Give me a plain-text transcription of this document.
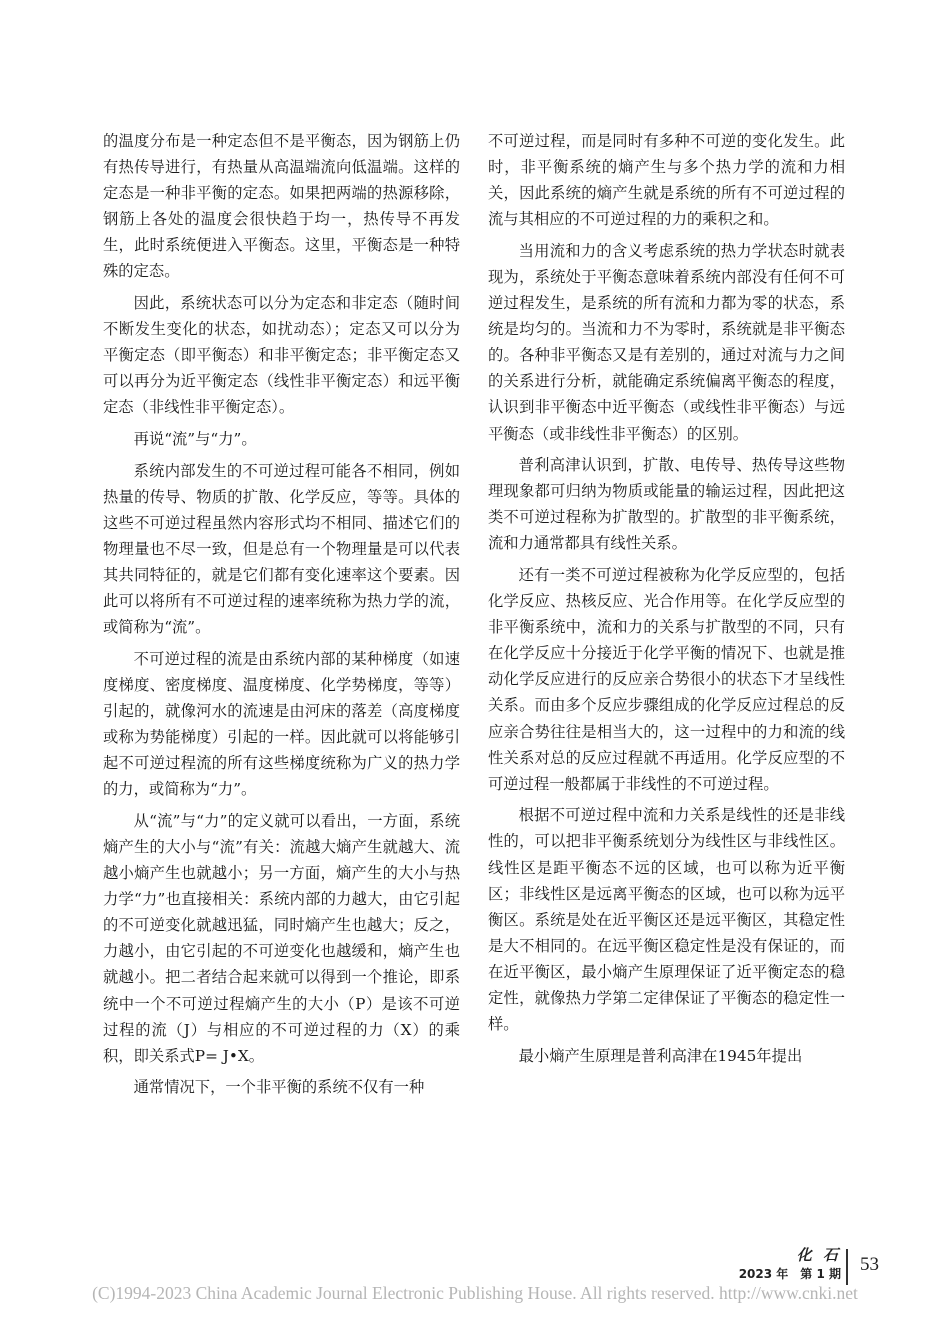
的温度分布是一种定态但不是平衡态，因为钢筋上仍有热传导进行，有热量从高温端流向低温端。这样的定态是一种非平衡的定态。如果把两端的热源移除，钢筋上各处的温度会很快趋于均一，热传导不再发生，此时系统便进入平衡态。这里，平衡态是一种特殊的定态。

因此，系统状态可以分为定态和非定态（随时间不断发生变化的状态，如扰动态）；定态又可以分为平衡定态（即平衡态）和非平衡定态；非平衡定态又可以再分为近平衡定态（线性非平衡定态）和远平衡定态（非线性非平衡定态）。

再说“流”与“力”。

系统内部发生的不可逆过程可能各不相同，例如热量的传导、物质的扩散、化学反应，等等。具体的这些不可逆过程虽然内容形式均不相同、描述它们的物理量也不尽一致，但是总有一个物理量是可以代表其共同特征的，就是它们都有变化速率这个要素。因此可以将所有不可逆过程的速率统称为热力学的流，或简称为“流”。

不可逆过程的流是由系统内部的某种梯度（如速度梯度、密度梯度、温度梯度、化学势梯度，等等）引起的，就像河水的流速是由河床的落差（高度梯度或称为势能梯度）引起的一样。因此就可以将能够引起不可逆过程流的所有这些梯度统称为广义的热力学的力，或简称为“力”。

从“流”与“力”的定义就可以看出，一方面，系统熵产生的大小与“流”有关：流越大熵产生就越大、流越小熵产生也就越小；另一方面，熵产生的大小与热力学“力”也直接相关：系统内部的力越大，由它引起的不可逆变化就越迅猛，同时熵产生也越大；反之，力越小，由它引起的不可逆变化也越缓和，熵产生也就越小。把二者结合起来就可以得到一个推论，即系统中一个不可逆过程熵产生的大小（P）是该不可逆过程的流（J）与相应的不可逆过程的力（X）的乘积，即关系式P= J•X。

通常情况下，一个非平衡的系统不仅有一种

不可逆过程，而是同时有多种不可逆的变化发生。此时，非平衡系统的熵产生与多个热力学的流和力相关，因此系统的熵产生就是系统的所有不可逆过程的流与其相应的不可逆过程的力的乘积之和。

当用流和力的含义考虑系统的热力学状态时就表现为，系统处于平衡态意味着系统内部没有任何不可逆过程发生，是系统的所有流和力都为零的状态，系统是均匀的。当流和力不为零时，系统就是非平衡态的。各种非平衡态又是有差别的，通过对流与力之间的关系进行分析，就能确定系统偏离平衡态的程度，认识到非平衡态中近平衡态（或线性非平衡态）与远平衡态（或非线性非平衡态）的区别。

普利高津认识到，扩散、电传导、热传导这些物理现象都可归纳为物质或能量的输运过程，因此把这类不可逆过程称为扩散型的。扩散型的非平衡系统，流和力通常都具有线性关系。

还有一类不可逆过程被称为化学反应型的，包括化学反应、热核反应、光合作用等。在化学反应型的非平衡系统中，流和力的关系与扩散型的不同，只有在化学反应十分接近于化学平衡的情况下、也就是推动化学反应进行的反应亲合势很小的状态下才呈线性关系。而由多个反应步骤组成的化学反应过程总的反应亲合势往往是相当大的，这一过程中的力和流的线性关系对总的反应过程就不再适用。化学反应型的不可逆过程一般都属于非线性的不可逆过程。

根据不可逆过程中流和力关系是线性的还是非线性的，可以把非平衡系统划分为线性区与非线性区。线性区是距平衡态不远的区域，也可以称为近平衡区；非线性区是远离平衡态的区域，也可以称为远平衡区。系统是处在近平衡区还是远平衡区，其稳定性是大不相同的。在远平衡区稳定性是没有保证的，而在近平衡区，最小熵产生原理保证了近平衡定态的稳定性，就像热力学第二定律保证了平衡态的稳定性一样。

最小熵产生原理是普利高津在1945年提出

化 石
2023 年　第 1 期 53
(C)1994-2023 China Academic Journal Electronic Publishing House. All rights reserved. http://www.cnki.net
